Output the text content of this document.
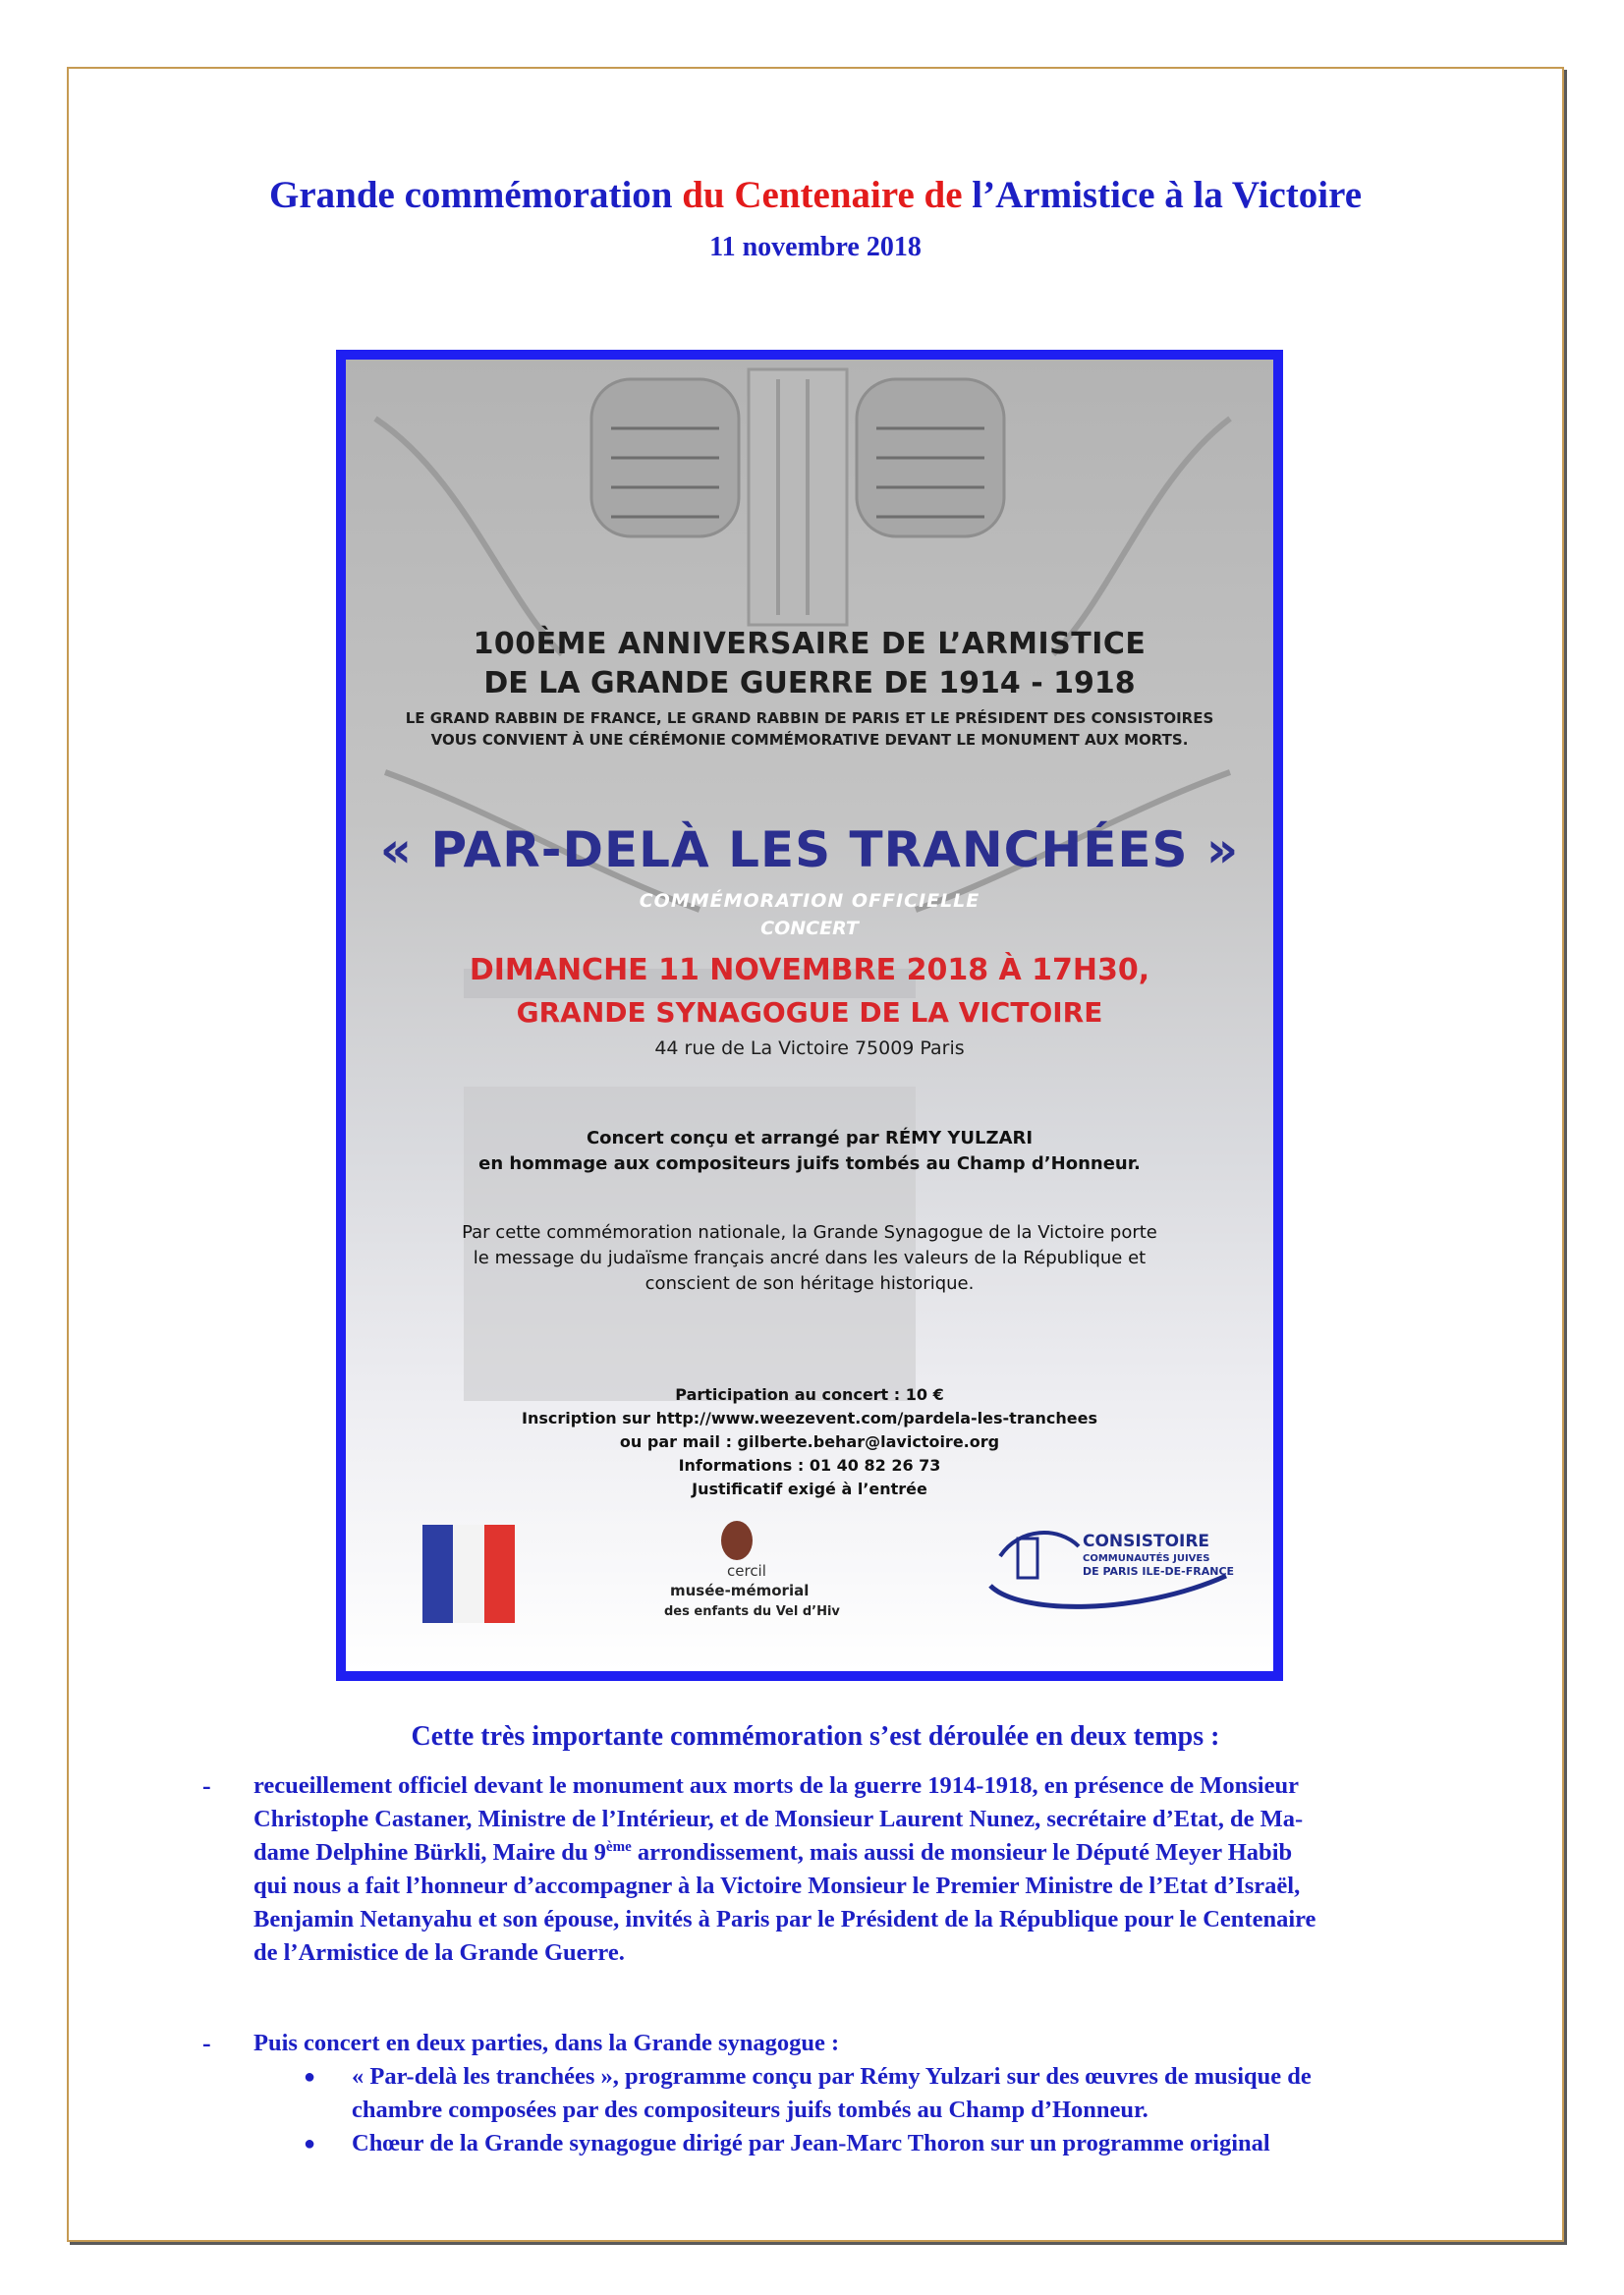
Grande commémoration du Centenaire de l’Armistice à la Victoire
11 novembre 2018
100ÈME ANNIVERSAIRE DE L’ARMISTICE
DE LA GRANDE GUERRE DE 1914 - 1918
LE GRAND RABBIN DE FRANCE, LE GRAND RABBIN DE PARIS ET LE PRÉSIDENT DES CONSISTOIRES
VOUS CONVIENT À UNE CÉRÉMONIE COMMÉMORATIVE DEVANT LE MONUMENT AUX MORTS.
« PAR-DELÀ LES TRANCHÉES »
COMMÉMORATION OFFICIELLE
CONCERT
DIMANCHE 11 NOVEMBRE 2018 À 17H30,
GRANDE SYNAGOGUE DE LA VICTOIRE
44 rue de La Victoire 75009 Paris
Concert conçu et arrangé par RÉMY YULZARI
en hommage aux compositeurs juifs tombés au Champ d’Honneur.
Par cette commémoration nationale, la Grande Synagogue de la Victoire porte
le message du judaïsme français ancré dans les valeurs de la République et
conscient de son héritage historique.
Participation au concert : 10 €
Inscription sur http://www.weezevent.com/pardela-les-tranchees
ou par mail : gilberte.behar@lavictoire.org
Informations : 01 40 82 26 73
Justificatif exigé à l’entrée
cercil
musée-mémorial
des enfants du Vel d’Hiv
CONSISTOIRE
COMMUNAUTÉS JUIVES
DE PARIS ILE-DE-FRANCE
Cette très importante commémoration s’est déroulée en deux temps :
- recueillement officiel devant le monument aux morts de la guerre 1914-1918, en présence de Monsieur
Christophe Castaner, Ministre de l’Intérieur, et de Monsieur Laurent Nunez, secrétaire d’Etat, de Ma-
dame Delphine Bürkli, Maire du 9ème arrondissement, mais aussi de monsieur le Député Meyer Habib
qui nous a fait l’honneur d’accompagner à la Victoire Monsieur le Premier Ministre de l’Etat d’Israël,
Benjamin Netanyahu et son épouse, invités à Paris par le Président de la République pour le Centenaire
de l’Armistice de la Grande Guerre.
- Puis concert en deux parties, dans la Grande synagogue :
● « Par-delà les tranchées », programme conçu par Rémy Yulzari sur des œuvres de musique de
chambre composées par des compositeurs juifs tombés au Champ d’Honneur.
● Chœur de la Grande synagogue dirigé par Jean-Marc Thoron sur un programme original
